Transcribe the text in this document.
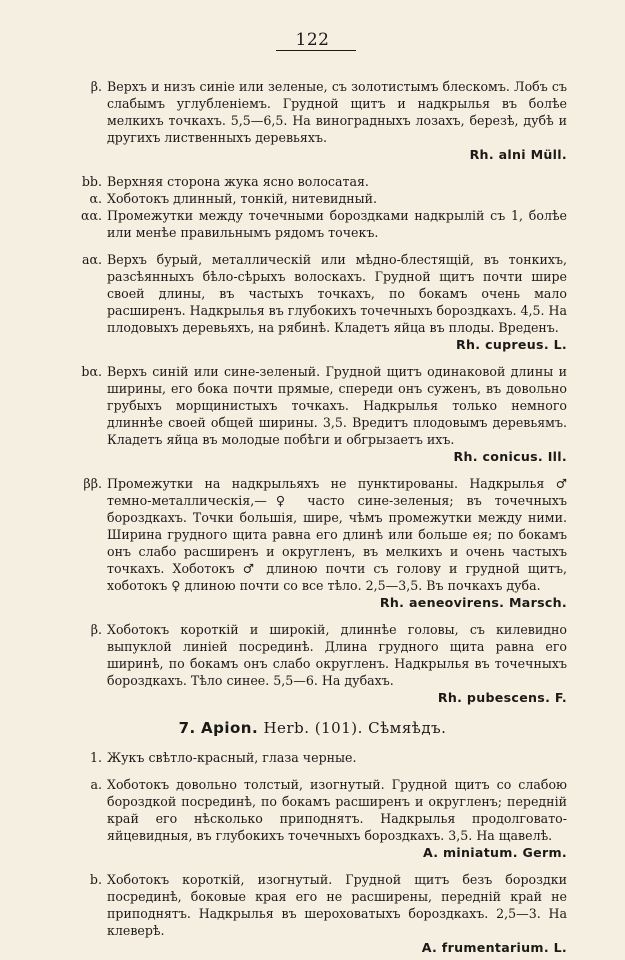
122
β. Верхъ и низъ синіе или зеленые, съ золотистымъ блескомъ. Лобъ съ слабымъ углубленіемъ. Грудной щитъ и надкрылья въ болѣе мелкихъ точкахъ. 5,5—6,5. На виноградныхъ лозахъ, березѣ, дубѣ и другихъ лиственныхъ деревьяхъ.
Rh. alni Müll.
bb. Верхняя сторона жука ясно волосатая.
α. Хоботокъ длинный, тонкій, нитевидный.
αα. Промежутки между точечными бороздками надкрылій съ 1, болѣе или менѣе правильнымъ рядомъ точекъ.
aα. Верхъ бурый, металлическій или мѣдно-блестящій, въ тонкихъ, разсѣянныхъ бѣло-сѣрыхъ волоскахъ. Грудной щитъ почти шире своей длины, въ частыхъ точкахъ, по бокамъ очень мало расширенъ. Надкрылья въ глубокихъ точечныхъ бороздкахъ. 4,5. На плодовыхъ деревьяхъ, на рябинѣ. Кладетъ яйца въ плоды. Вреденъ.
Rh. cupreus. L.
bα. Верхъ синій или сине-зеленый. Грудной щитъ одинаковой длины и ширины, его бока почти прямые, спереди онъ суженъ, въ довольно грубыхъ морщинистыхъ точкахъ. Надкрылья только немного длиннѣе своей общей ширины. 3,5. Вредитъ плодовымъ деревьямъ. Кладетъ яйца въ молодые побѣги и обгрызаетъ ихъ.
Rh. conicus. Ill.
ββ. Промежутки на надкрыльяхъ не пунктированы. Надкрылья ♂ темно-металлическія,—♀ часто сине-зеленыя; въ точечныхъ бороздкахъ. Точки большія, шире, чѣмъ промежутки между ними. Ширина грудного щита равна его длинѣ или больше ея; по бокамъ онъ слабо расширенъ и округленъ, въ мелкихъ и очень частыхъ точкахъ. Хоботокъ ♂ длиною почти съ голову и грудной щитъ, хоботокъ ♀ длиною почти со все тѣло. 2,5—3,5. Въ почкахъ дуба.
Rh. aeneovirens. Marsch.
β. Хоботокъ короткій и широкій, длиннѣе головы, съ килевидно выпуклой линіей посрединѣ. Длина грудного щита равна его ширинѣ, по бокамъ онъ слабо округленъ. Надкрылья въ точечныхъ бороздкахъ. Тѣло синее. 5,5—6. На дубахъ.
Rh. pubescens. F.
7. Apion. Herb. (101). Сѣмяѣдъ.
1. Жукъ свѣтло-красный, глаза черные.
a. Хоботокъ довольно толстый, изогнутый. Грудной щитъ со слабою бороздкой посрединѣ, по бокамъ расширенъ и округленъ; передній край его нѣсколько приподнятъ. Надкрылья продолговато-яйцевидныя, въ глубокихъ точечныхъ бороздкахъ. 3,5. На щавелѣ.
A. miniatum. Germ.
b. Хоботокъ короткій, изогнутый. Грудной щитъ безъ бороздки посрединѣ, боковые края его не расширены, передній край не приподнятъ. Надкрылья въ шероховатыхъ бороздкахъ. 2,5—3. На клеверѣ.
A. frumentarium. L.
